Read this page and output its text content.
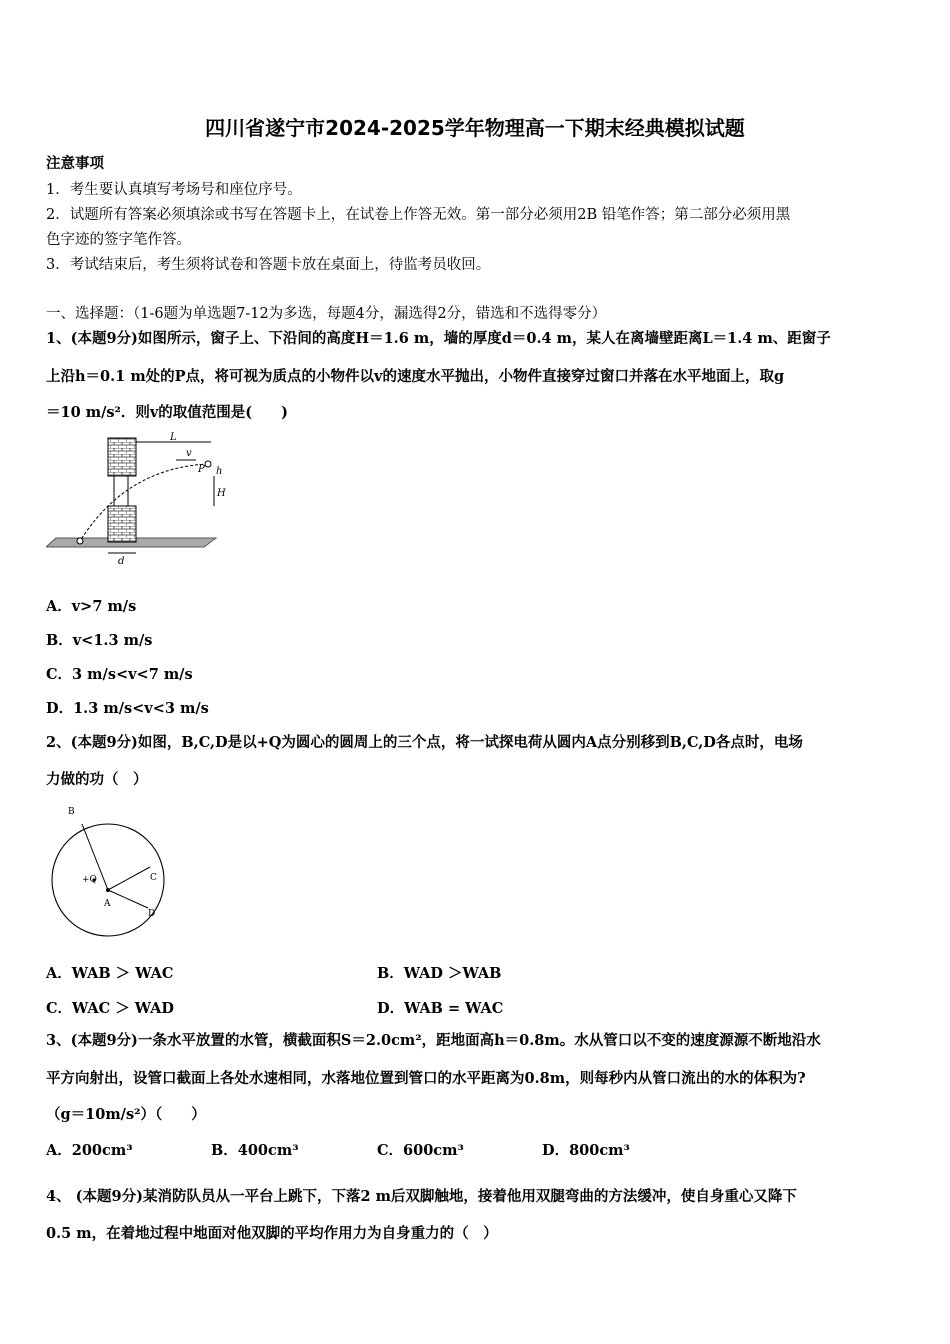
四川省遂宁市2024-2025学年物理高一下期末经典模拟试题
注意事项
1．考生要认真填写考场号和座位序号。
2．试题所有答案必须填涂或书写在答题卡上，在试卷上作答无效。第一部分必须用2B 铅笔作答；第二部分必须用黑
色字迹的签字笔作答。
3．考试结束后，考生须将试卷和答题卡放在桌面上，待监考员收回。
一、选择题：（1-6题为单选题7-12为多选，每题4分，漏选得2分，错选和不选得零分）
1、(本题9分)如图所示，窗子上、下沿间的高度H＝1.6 m，墙的厚度d＝0.4 m，某人在离墙壁距离L＝1.4 m、距窗子
上沿h＝0.1 m处的P点，将可视为质点的小物件以v的速度水平抛出，小物件直接穿过窗口并落在水平地面上，取g
＝10 m/s²．则v的取值范围是(　　)
L
v
P h
H
d
A．v>7 m/s
B．v<1.3 m/s
C．3 m/s<v<7 m/s
D．1.3 m/s<v<3 m/s
2、(本题9分)如图，B,C,D是以+Q为圆心的圆周上的三个点，将一试探电荷从圆内A点分别移到B,C,D各点时，电场
力做的功（　）
B
+Q
A
C
D
A．WAB ＞ WAC	B．WAD ＞WAB
C．WAC ＞ WAD	D．WAB = WAC
3、(本题9分)一条水平放置的水管，横截面积S＝2.0cm²，距地面高h＝0.8m。水从管口以不变的速度源源不断地沿水
平方向射出，设管口截面上各处水速相同，水落地位置到管口的水平距离为0.8m，则每秒内从管口流出的水的体积为?
（g＝10m/s²）（　　）
A．200cm³	B．400cm³	C．600cm³	D．800cm³
4、 (本题9分)某消防队员从一平台上跳下，下落2 m后双脚触地，接着他用双腿弯曲的方法缓冲，使自身重心又降下
0.5 m，在着地过程中地面对他双脚的平均作用力为自身重力的（　）
